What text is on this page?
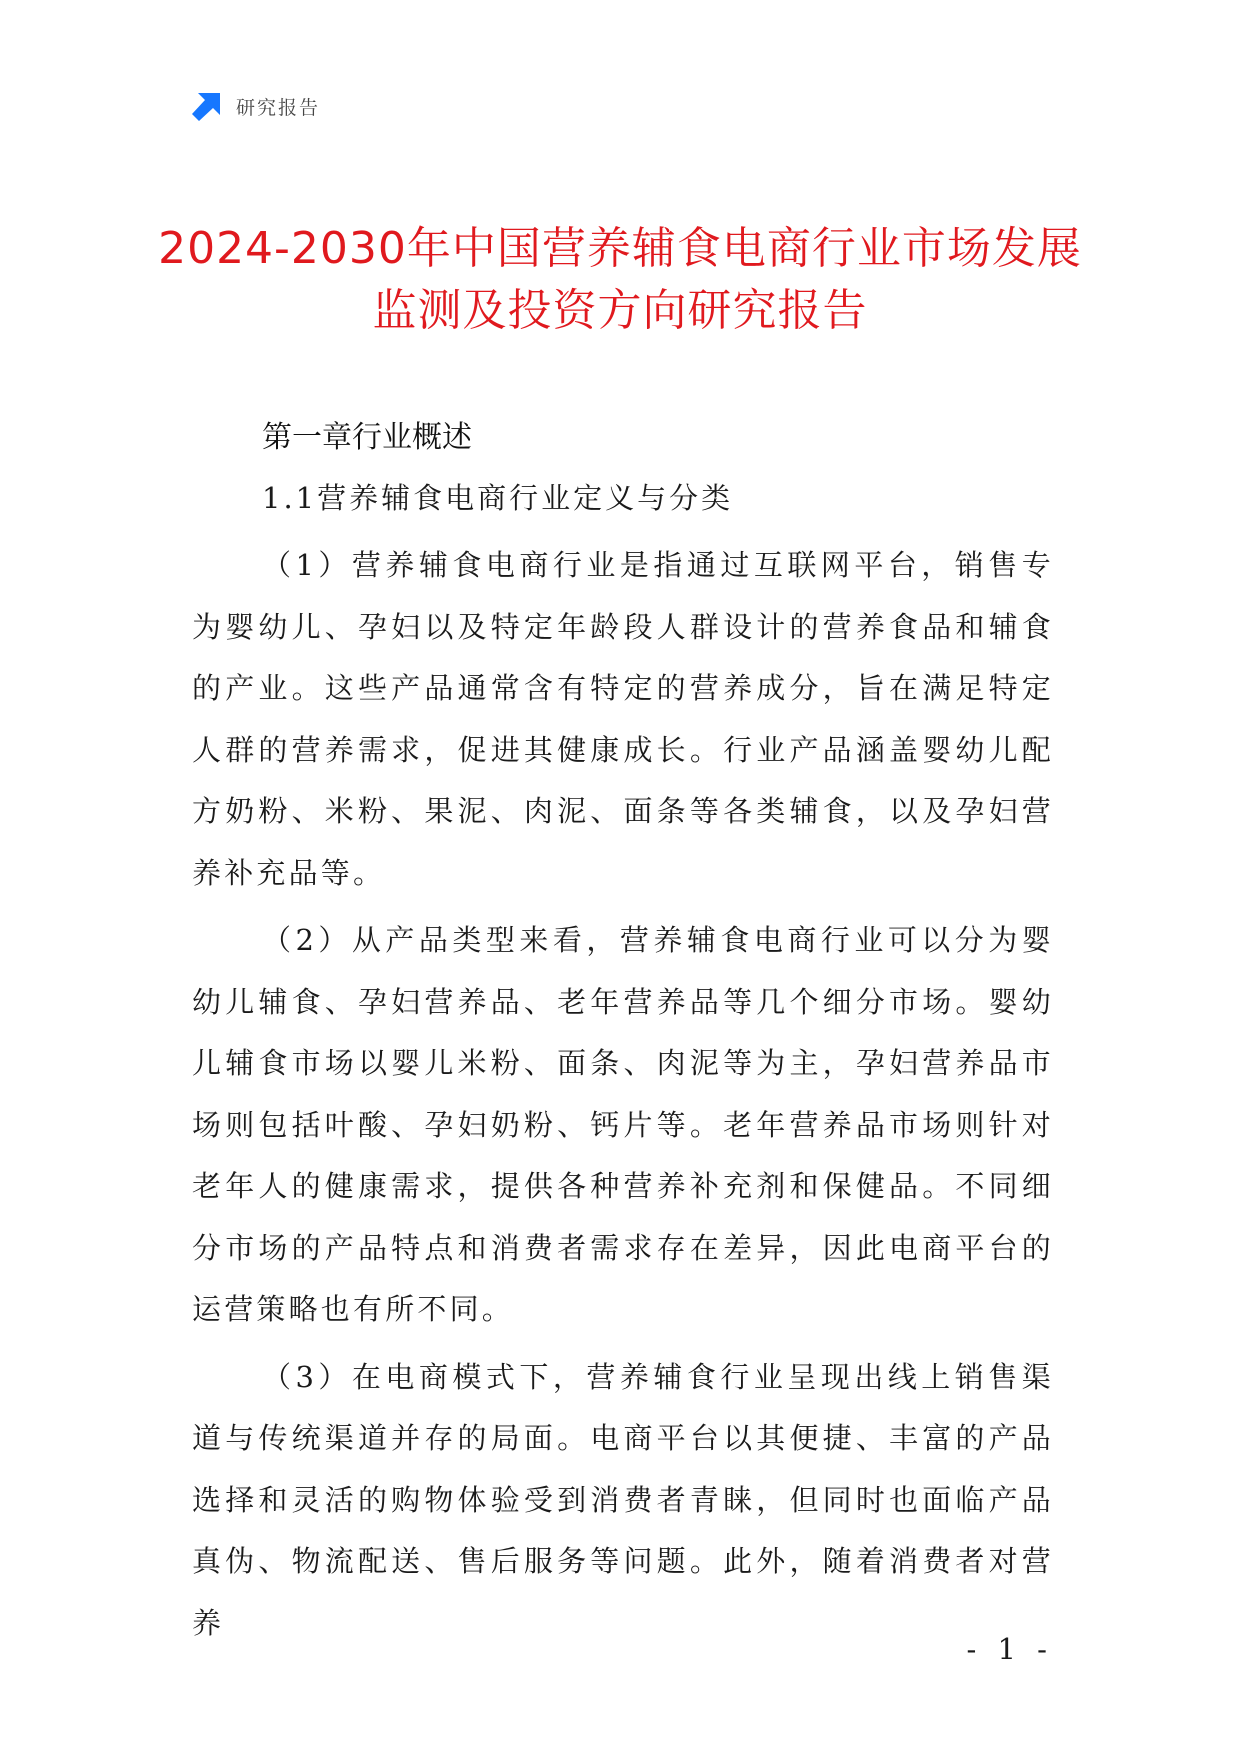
研究报告
2024-2030年中国营养辅食电商行业市场发展监测及投资方向研究报告
第一章行业概述
1.1营养辅食电商行业定义与分类

（1）营养辅食电商行业是指通过互联网平台，销售专为婴幼儿、孕妇以及特定年龄段人群设计的营养食品和辅食的产业。这些产品通常含有特定的营养成分，旨在满足特定人群的营养需求，促进其健康成长。行业产品涵盖婴幼儿配方奶粉、米粉、果泥、肉泥、面条等各类辅食，以及孕妇营养补充品等。

（2）从产品类型来看，营养辅食电商行业可以分为婴幼儿辅食、孕妇营养品、老年营养品等几个细分市场。婴幼儿辅食市场以婴儿米粉、面条、肉泥等为主，孕妇营养品市场则包括叶酸、孕妇奶粉、钙片等。老年营养品市场则针对老年人的健康需求，提供各种营养补充剂和保健品。不同细分市场的产品特点和消费者需求存在差异，因此电商平台的运营策略也有所不同。

（3）在电商模式下，营养辅食行业呈现出线上销售渠道与传统渠道并存的局面。电商平台以其便捷、丰富的产品选择和灵活的购物体验受到消费者青睐，但同时也面临产品真伪、物流配送、售后服务等问题。此外，随着消费者对营养

- 1 -
